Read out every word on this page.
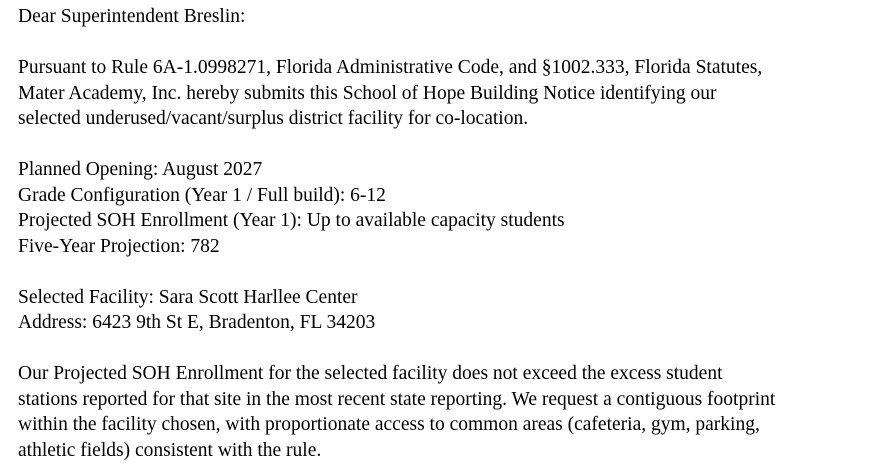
Dear Superintendent Breslin:

Pursuant to Rule 6A-1.0998271, Florida Administrative Code, and §1002.333, Florida Statutes,
Mater Academy, Inc. hereby submits this School of Hope Building Notice identifying our
selected underused/vacant/surplus district facility for co-location.

Planned Opening: August 2027
Grade Configuration (Year 1 / Full build): 6-12
Projected SOH Enrollment (Year 1): Up to available capacity students
Five-Year Projection: 782

Selected Facility: Sara Scott Harllee Center
Address: 6423 9th St E, Bradenton, FL 34203

Our Projected SOH Enrollment for the selected facility does not exceed the excess student
stations reported for that site in the most recent state reporting. We request a contiguous footprint
within the facility chosen, with proportionate access to common areas (cafeteria, gym, parking,
athletic fields) consistent with the rule.
